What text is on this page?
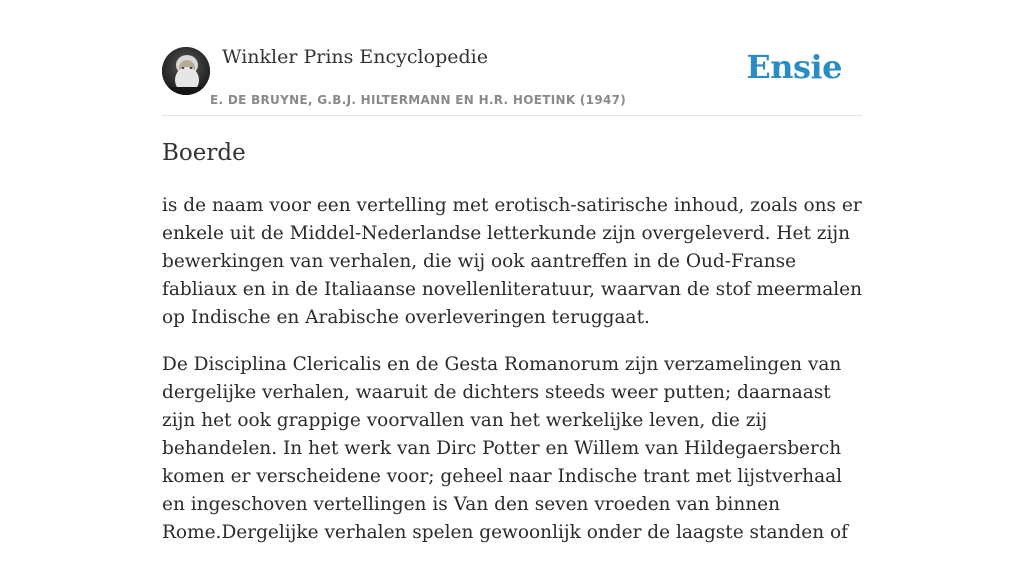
Winkler Prins Encyclopedie
E. DE BRUYNE, G.B.J. HILTERMANN EN H.R. HOETINK (1947)
Ensie
Boerde

is de naam voor een vertelling met erotisch-satirische inhoud, zoals ons er enkele uit de Middel-Nederlandse letterkunde zijn overgeleverd. Het zijn bewerkingen van verhalen, die wij ook aantreffen in de Oud-Franse fabliaux en in de Italiaanse novellenliteratuur, waarvan de stof meermalen op Indische en Arabische overleveringen teruggaat.

De Disciplina Clericalis en de Gesta Romanorum zijn verzamelingen van dergelijke verhalen, waaruit de dichters steeds weer putten; daarnaast zijn het ook grappige voorvallen van het werkelijke leven, die zij behandelen. In het werk van Dirc Potter en Willem van Hildegaersberch komen er verscheidene voor; geheel naar Indische trant met lijstverhaal en ingeschoven vertellingen is Van den seven vroeden van binnen Rome.Dergelijke verhalen spelen gewoonlijk onder de laagste standen of
